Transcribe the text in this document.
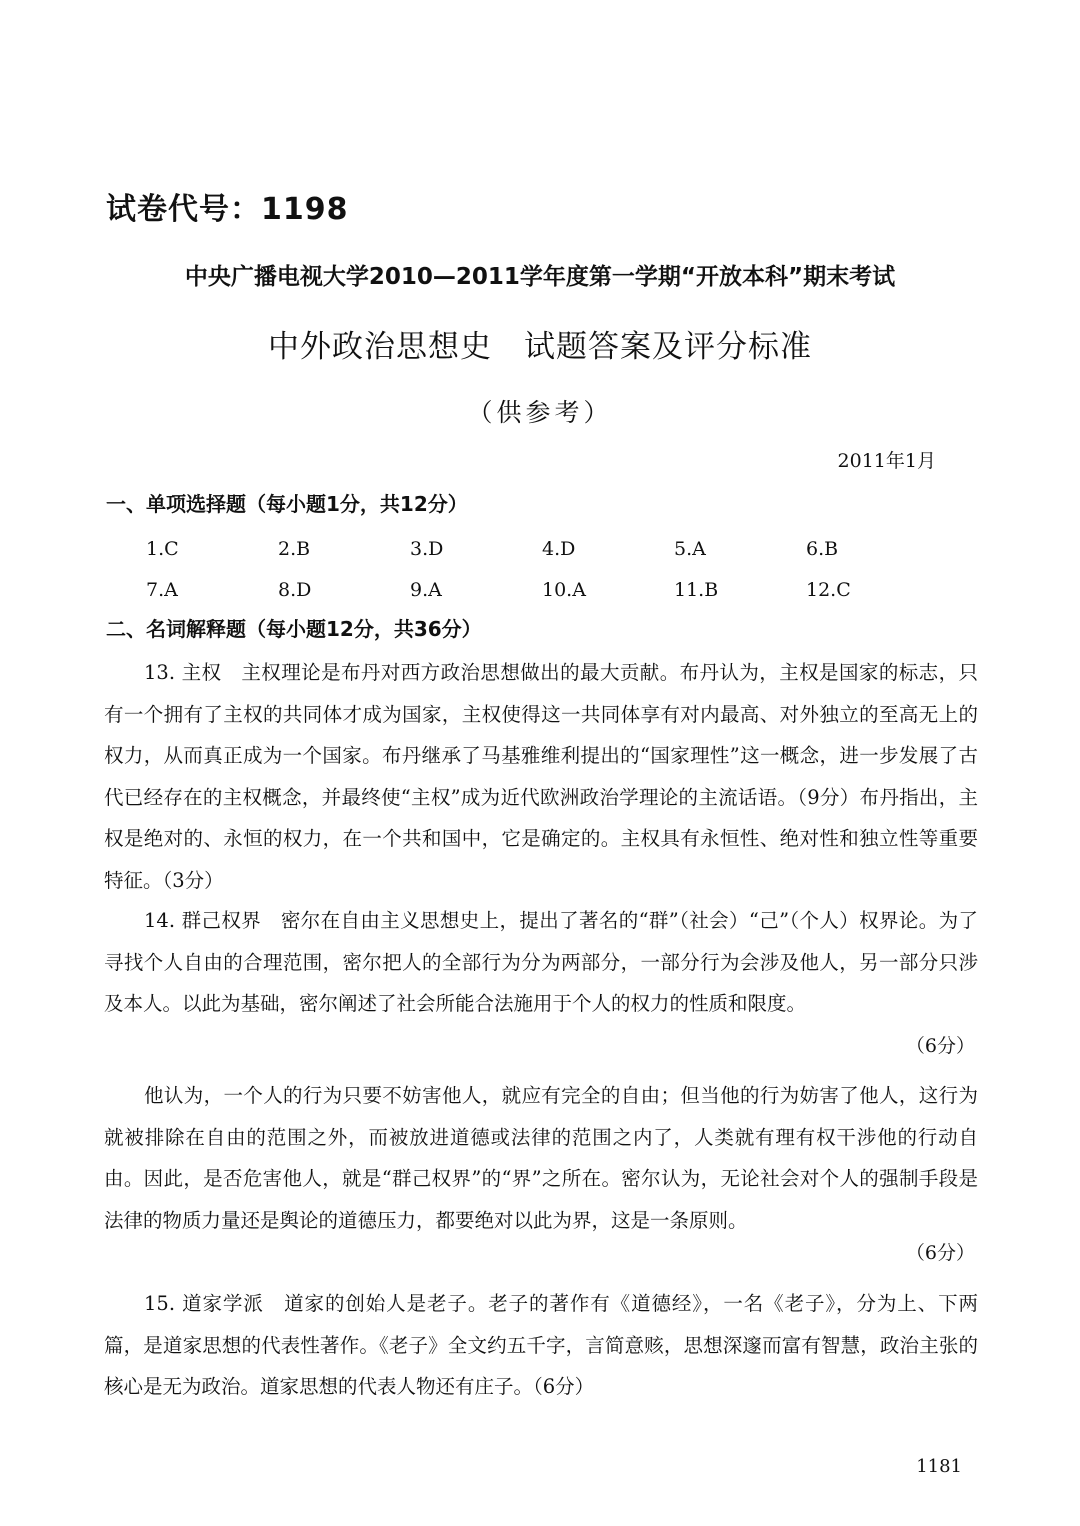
试卷代号：1198
中央广播电视大学2010—2011学年度第一学期“开放本科”期末考试
中外政治思想史　试题答案及评分标准
（供参考）
2011年1月
一、单项选择题（每小题1分，共12分）
1.C	2.B	3.D	4.D	5.A	6.B
7.A	8.D	9.A	10.A	11.B	12.C
二、名词解释题（每小题12分，共36分）
13. 主权　主权理论是布丹对西方政治思想做出的最大贡献。布丹认为，主权是国家的标志，只有一个拥有了主权的共同体才成为国家，主权使得这一共同体享有对内最高、对外独立的至高无上的权力，从而真正成为一个国家。布丹继承了马基雅维利提出的“国家理性”这一概念，进一步发展了古代已经存在的主权概念，并最终使“主权”成为近代欧洲政治学理论的主流话语。（9分）布丹指出，主权是绝对的、永恒的权力，在一个共和国中，它是确定的。主权具有永恒性、绝对性和独立性等重要特征。（3分）
14. 群己权界　密尔在自由主义思想史上，提出了著名的“群”（社会）“己”（个人）权界论。为了寻找个人自由的合理范围，密尔把人的全部行为分为两部分，一部分行为会涉及他人，另一部分只涉及本人。以此为基础，密尔阐述了社会所能合法施用于个人的权力的性质和限度。
（6分）
他认为，一个人的行为只要不妨害他人，就应有完全的自由；但当他的行为妨害了他人，这行为就被排除在自由的范围之外，而被放进道德或法律的范围之内了，人类就有理有权干涉他的行动自由。因此，是否危害他人，就是“群己权界”的“界”之所在。密尔认为，无论社会对个人的强制手段是法律的物质力量还是舆论的道德压力，都要绝对以此为界，这是一条原则。
（6分）
15. 道家学派　道家的创始人是老子。老子的著作有《道德经》，一名《老子》，分为上、下两篇，是道家思想的代表性著作。《老子》全文约五千字，言简意赅，思想深邃而富有智慧，政治主张的核心是无为政治。道家思想的代表人物还有庄子。（6分）
1181
